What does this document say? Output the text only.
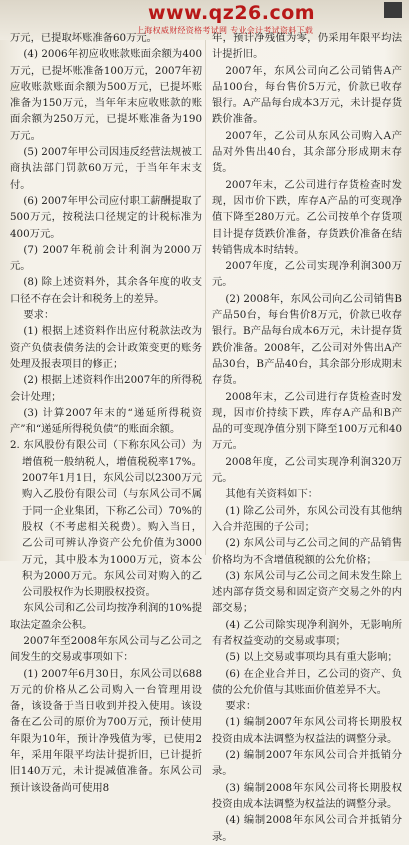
www.qz26.com
上海权威财经资格考试网 专业会计考试资料下载

万元，已提取坏账准备60万元。

(4) 2006年初应收账款账面余额为400万元，已提坏账准备100万元，2007年初应收账款账面余额为500万元，已提坏账准备为150万元，当年年末应收账款的账面余额为250万元，已提坏账准备为190万元。

(5) 2007年甲公司因违反经营法规被工商执法部门罚款60万元，于当年年末支付。

(6) 2007年甲公司应付职工薪酬提取了500万元，按税法口径规定的计税标准为400万元。

(7) 2007年税前会计利润为2000万元。

(8) 除上述资料外，其余各年度的收支口径不存在会计和税务上的差异。

要求：

(1) 根据上述资料作出应付税款法改为资产负债表债务法的会计政策变更的账务处理及报表项目的修正；

(2) 根据上述资料作出2007年的所得税会计处理；

(3) 计算2007年末的“递延所得税资产”和“递延所得税负债”的账面余额。

2. 东风股份有限公司（下称东风公司）为增值税一般纳税人，增值税税率17%。2007年1月1日，东风公司以2300万元购入乙股份有限公司（与东风公司不属于同一企业集团，下称乙公司）70%的股权（不考虑相关税费）。购入当日，乙公司可辨认净资产公允价值为3000万元，其中股本为1000万元，资本公积为2000万元。东风公司对购入的乙公司股权作为长期股权投资。

东风公司和乙公司均按净利润的10%提取法定盈余公积。

2007年至2008年东风公司与乙公司之间发生的交易或事项如下：

(1) 2007年6月30日，东风公司以688万元的价格从乙公司购入一台管理用设备，该设备于当日收到并投入使用。该设备在乙公司的原价为700万元，预计使用年限为10年，预计净残值为零，已使用2年，采用年限平均法计提折旧，已计提折旧140万元，未计提减值准备。东风公司预计该设备尚可使用8

年，预计净残值为零，仍采用年限平均法计提折旧。

2007年，东风公司向乙公司销售A产品100台，每台售价5万元，价款已收存银行。A产品每台成本3万元，未计提存货跌价准备。

2007年，乙公司从东风公司购入A产品对外售出40台，其余部分形成期末存货。

2007年末，乙公司进行存货检查时发现，因市价下跌，库存A产品的可变现净值下降至280万元。乙公司按单个存货项目计提存货跌价准备，存货跌价准备在结转销售成本时结转。

2007年度，乙公司实现净利润300万元。

(2) 2008年，东风公司向乙公司销售B产品50台，每台售价8万元，价款已收存银行。B产品每台成本6万元，未计提存货跌价准备。2008年，乙公司对外售出A产品30台，B产品40台，其余部分形成期末存货。

2008年末，乙公司进行存货检查时发现，因市价持续下跌，库存A产品和B产品的可变现净值分别下降至100万元和40万元。

2008年度，乙公司实现净利润320万元。

其他有关资料如下：

(1) 除乙公司外，东风公司没有其他纳入合并范围的子公司；

(2) 东风公司与乙公司之间的产品销售价格均为不含增值税额的公允价格；

(3) 东风公司与乙公司之间未发生除上述内部存货交易和固定资产交易之外的内部交易；

(4) 乙公司除实现净利润外，无影响所有者权益变动的交易或事项；

(5) 以上交易或事项均具有重大影响；

(6) 在企业合并日，乙公司的资产、负债的公允价值与其账面价值差异不大。

要求：

(1) 编制2007年东风公司将长期股权投资由成本法调整为权益法的调整分录。

(2) 编制2007年东风公司合并抵销分录。

(3) 编制2008年东风公司将长期股权投资由成本法调整为权益法的调整分录。

(4) 编制2008年东风公司合并抵销分录。
